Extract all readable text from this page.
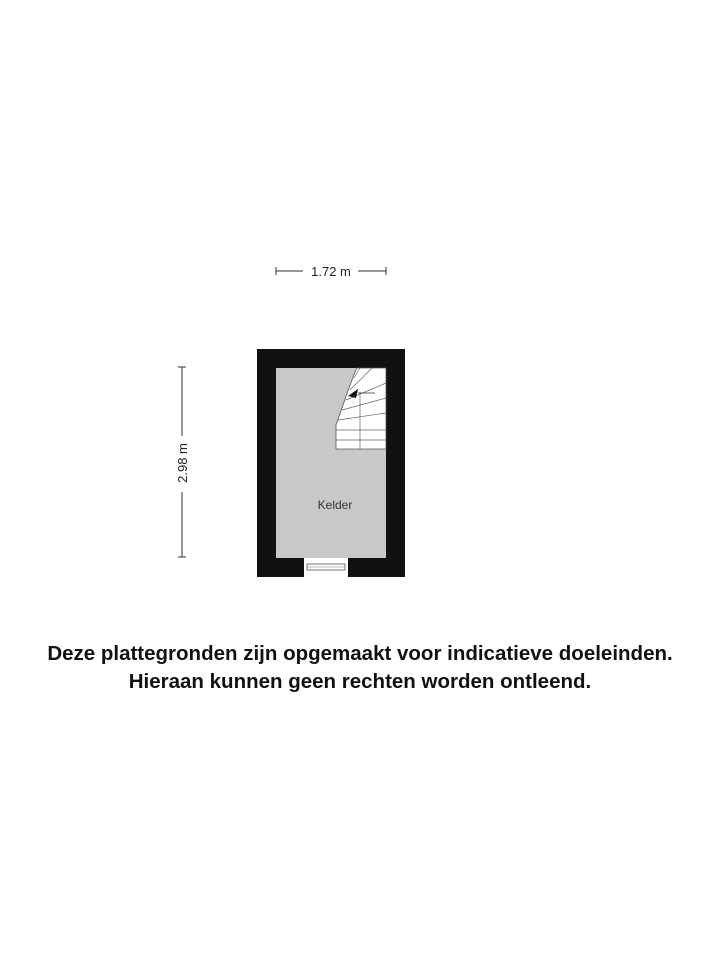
1.72 m
2.98 m
Kelder
Deze plattegronden zijn opgemaakt voor indicatieve doeleinden.
Hieraan kunnen geen rechten worden ontleend.
